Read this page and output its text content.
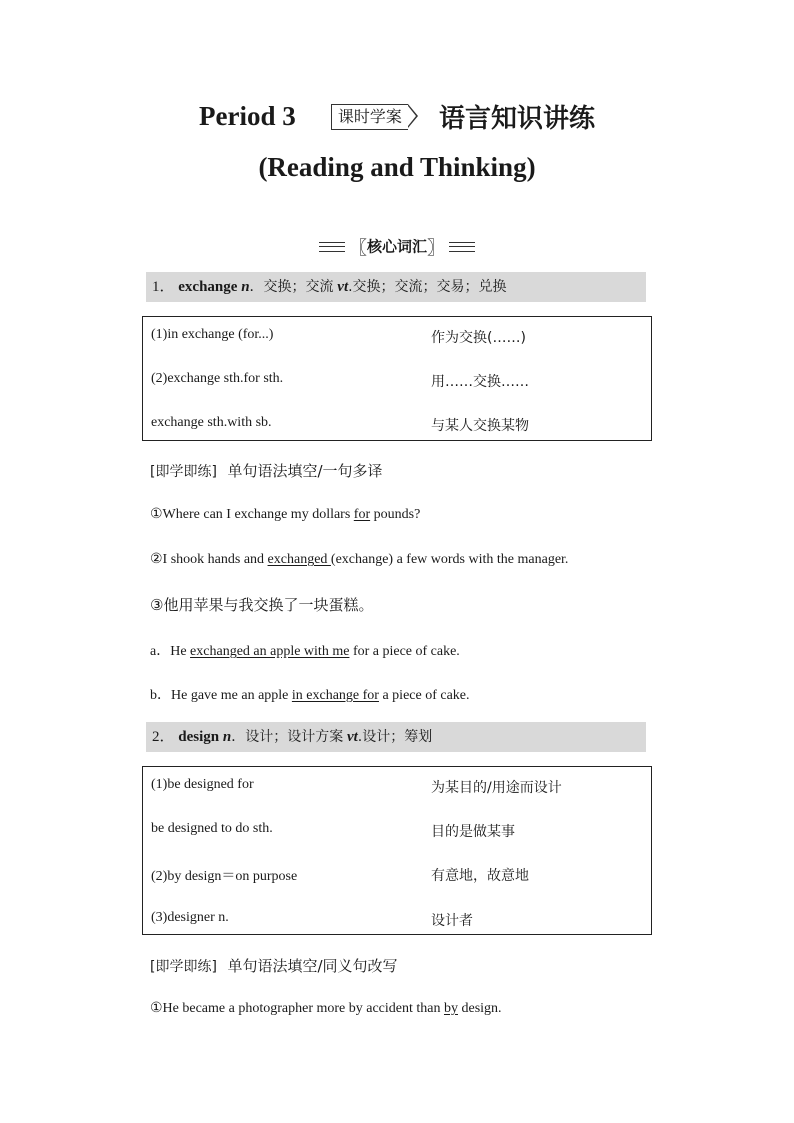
Period 3	课时学案 语言知识讲练
(Reading and Thinking)
〖核心词汇〗
1． exchange n．交换；交流 vt.交换；交流；交易；兑换
(1)in exchange (for...)	作为交换(……)
(2)exchange sth.for sth.	用……交换……
exchange sth.with sb.	与某人交换某物
[即学即练] 单句语法填空/一句多译
①Where can I exchange my dollars for pounds?
②I shook hands and exchanged (exchange) a few words with the manager.
③他用苹果与我交换了一块蛋糕。
a．He exchanged an apple with me for a piece of cake.
b．He gave me an apple in exchange for a piece of cake.
2． design n．设计；设计方案 vt.设计；筹划
(1)be designed for	为某目的/用途而设计
be designed to do sth.	目的是做某事
(2)by design＝on purpose	有意地，故意地
(3)designer n.	设计者
[即学即练] 单句语法填空/同义句改写
①He became a photographer more by accident than by design.
